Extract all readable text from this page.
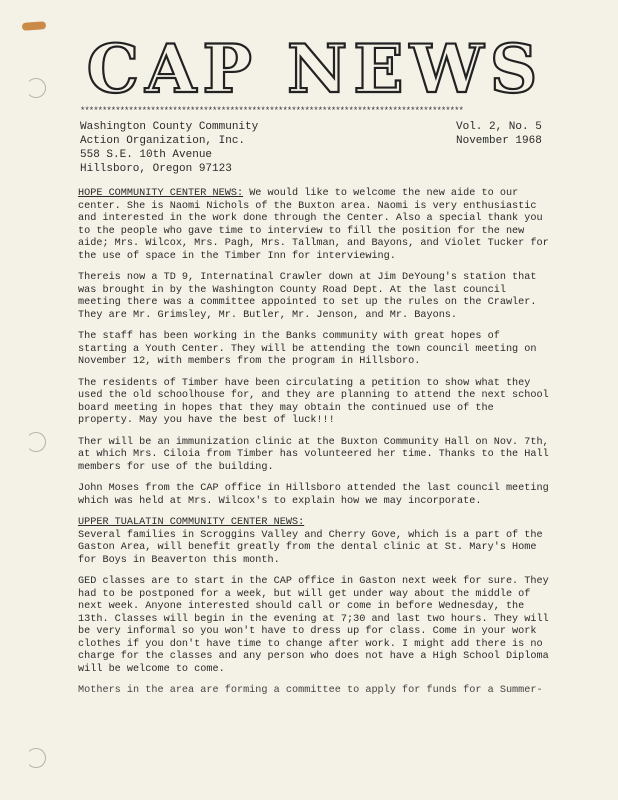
CAP NEWS
***************************************************************************************
Washington County Community
Action Organization, Inc.
558 S.E. 10th Avenue
Hillsboro, Oregon 97123
Vol. 2, No. 5
November 1968

HOPE COMMUNITY CENTER NEWS: We would like to welcome the new aide to our center. She is Naomi Nichols of the Buxton area. Naomi is very enthusiastic and interested in the work done through the Center. Also a special thank you to the people who gave time to interview to fill the position for the new aide; Mrs. Wilcox, Mrs. Pagh, Mrs. Tallman, and Bayons, and Violet Tucker for the use of space in the Timber Inn for interviewing.

Thereis now a TD 9, Internatinal Crawler down at Jim DeYoung's station that was brought in by the Washington County Road Dept. At the last council meeting there was a committee appointed to set up the rules on the Crawler. They are Mr. Grimsley, Mr. Butler, Mr. Jenson, and Mr. Bayons.

The staff has been working in the Banks community with great hopes of starting a Youth Center. They will be attending the town council meeting on November 12, with members from the program in Hillsboro.

The residents of Timber have been circulating a petition to show what they used the old schoolhouse for, and they are planning to attend the next school board meeting in hopes that they may obtain the continued use of the property. May you have the best of luck!!!

Ther will be an immunization clinic at the Buxton Community Hall on Nov. 7th, at which Mrs. Ciloia from Timber has volunteered her time. Thanks to the Hall members for use of the building.

John Moses from the CAP office in Hillsboro attended the last council meeting which was held at Mrs. Wilcox's to explain how we may incorporate.

UPPER TUALATIN COMMUNITY CENTER NEWS:

Several families in Scroggins Valley and Cherry Gove, which is a part of the Gaston Area, will benefit greatly from the dental clinic at St. Mary's Home for Boys in Beaverton this month.

GED classes are to start in the CAP office in Gaston next week for sure. They had to be postponed for a week, but will get under way about the middle of next week. Anyone interested should call or come in before Wednesday, the 13th. Classes will begin in the evening at 7;30 and last two hours. They will be very informal so you won't have to dress up for class. Come in your work clothes if you don't have time to change after work. I might add there is no charge for the classes and any person who does not have a High School Diploma will be welcome to come.

Mothers in the area are forming a committee to apply for funds for a Summer-
